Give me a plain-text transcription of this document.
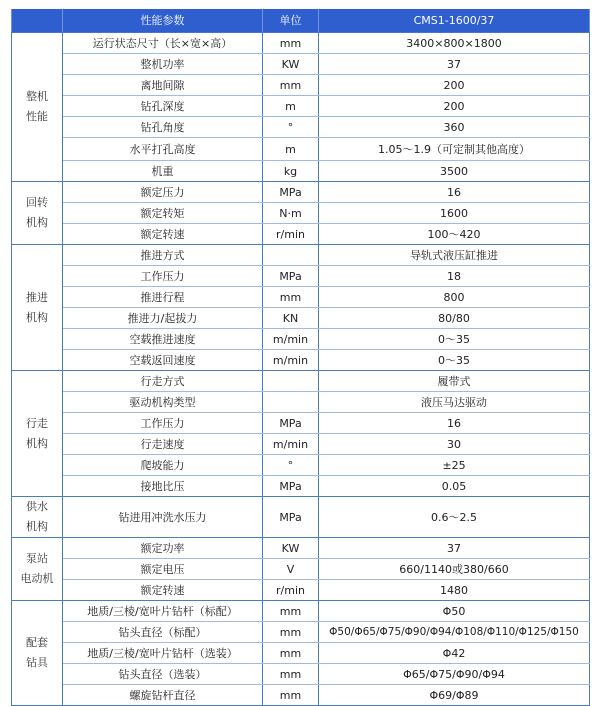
	性能参数	单位	CMS1-1600/37

整机
性能	运行状态尺寸（长×宽×高）	mm	3400×800×1800
	整机功率	KW	37
	离地间隙	mm	200
	钻孔深度	m	200
	钻孔角度	°	360
	水平打孔高度	m	1.05～1.9（可定制其他高度）
	机重	kg	3500

回转
机构	额定压力	MPa	16
	额定转矩	N·m	1600
	额定转速	r/min	100～420

推进
机构	推进方式		导轨式液压缸推进
	工作压力	MPa	18
	推进行程	mm	800
	推进力/起拔力	KN	80/80
	空载推进速度	m/min	0～35
	空载返回速度	m/min	0～35

行走
机构	行走方式		履带式
	驱动机构类型		液压马达驱动
	工作压力	MPa	16
	行走速度	m/min	30
	爬坡能力	°	±25
	接地比压	MPa	0.05

供水
机构	钻进用冲洗水压力	MPa	0.6～2.5

泵站
电动机	额定功率	KW	37
	额定电压	V	660/1140或380/660
	额定转速	r/min	1480

配套
钻具	地质/三棱/宽叶片钻杆（标配）	mm	Φ50
	钻头直径（标配）	mm	Φ50/Φ65/Φ75/Φ90/Φ94/Φ108/Φ110/Φ125/Φ150
	地质/三棱/宽叶片钻杆（选装）	mm	Φ42
	钻头直径（选装）	mm	Φ65/Φ75/Φ90/Φ94
	螺旋钻杆直径	mm	Φ69/Φ89
